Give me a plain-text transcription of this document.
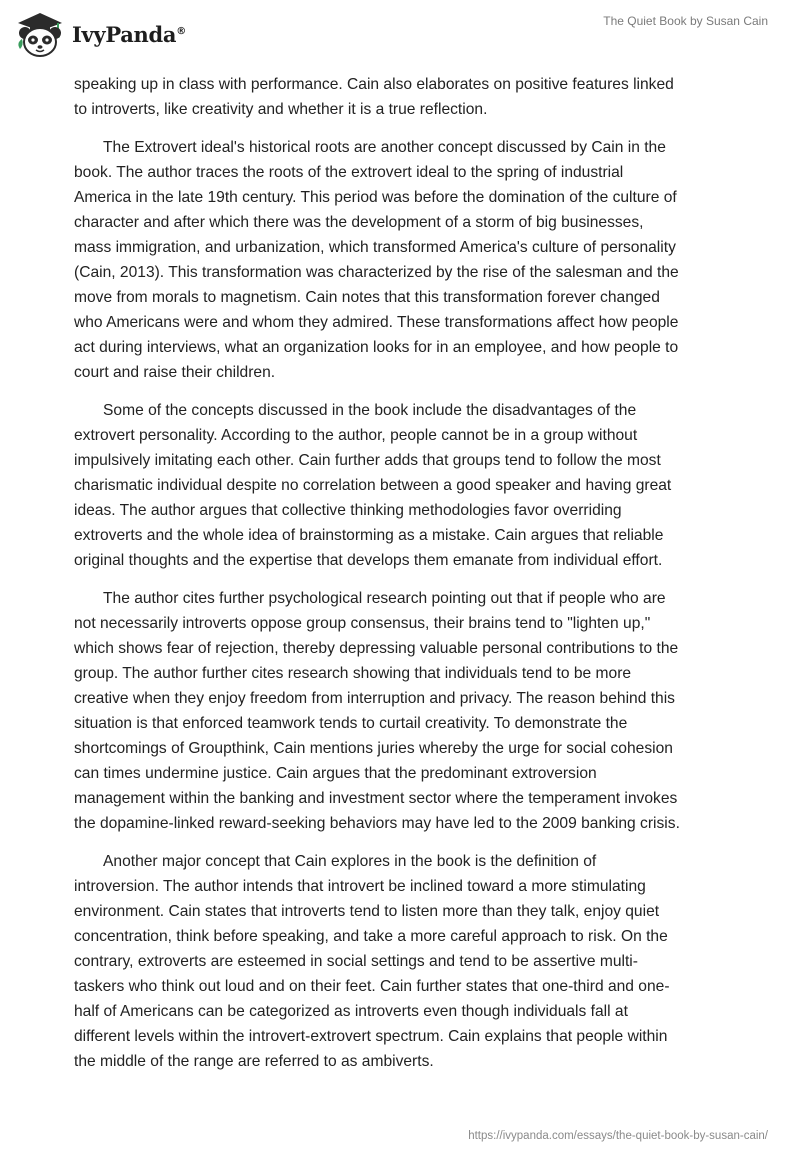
IvyPanda®
The Quiet Book by Susan Cain

speaking up in class with performance. Cain also elaborates on positive features linked
to introverts, like creativity and whether it is a true reflection.

The Extrovert ideal's historical roots are another concept discussed by Cain in the
book. The author traces the roots of the extrovert ideal to the spring of industrial
America in the late 19th century. This period was before the domination of the culture of
character and after which there was the development of a storm of big businesses,
mass immigration, and urbanization, which transformed America's culture of personality
(Cain, 2013). This transformation was characterized by the rise of the salesman and the
move from morals to magnetism. Cain notes that this transformation forever changed
who Americans were and whom they admired. These transformations affect how people
act during interviews, what an organization looks for in an employee, and how people to
court and raise their children.

Some of the concepts discussed in the book include the disadvantages of the
extrovert personality. According to the author, people cannot be in a group without
impulsively imitating each other. Cain further adds that groups tend to follow the most
charismatic individual despite no correlation between a good speaker and having great
ideas. The author argues that collective thinking methodologies favor overriding
extroverts and the whole idea of brainstorming as a mistake. Cain argues that reliable
original thoughts and the expertise that develops them emanate from individual effort.

The author cites further psychological research pointing out that if people who are
not necessarily introverts oppose group consensus, their brains tend to "lighten up,"
which shows fear of rejection, thereby depressing valuable personal contributions to the
group. The author further cites research showing that individuals tend to be more
creative when they enjoy freedom from interruption and privacy. The reason behind this
situation is that enforced teamwork tends to curtail creativity. To demonstrate the
shortcomings of Groupthink, Cain mentions juries whereby the urge for social cohesion
can times undermine justice. Cain argues that the predominant extroversion
management within the banking and investment sector where the temperament invokes
the dopamine-linked reward-seeking behaviors may have led to the 2009 banking crisis.

Another major concept that Cain explores in the book is the definition of
introversion. The author intends that introvert be inclined toward a more stimulating
environment. Cain states that introverts tend to listen more than they talk, enjoy quiet
concentration, think before speaking, and take a more careful approach to risk. On the
contrary, extroverts are esteemed in social settings and tend to be assertive multi-
taskers who think out loud and on their feet. Cain further states that one-third and one-
half of Americans can be categorized as introverts even though individuals fall at
different levels within the introvert-extrovert spectrum. Cain explains that people within
the middle of the range are referred to as ambiverts.

https://ivypanda.com/essays/the-quiet-book-by-susan-cain/
